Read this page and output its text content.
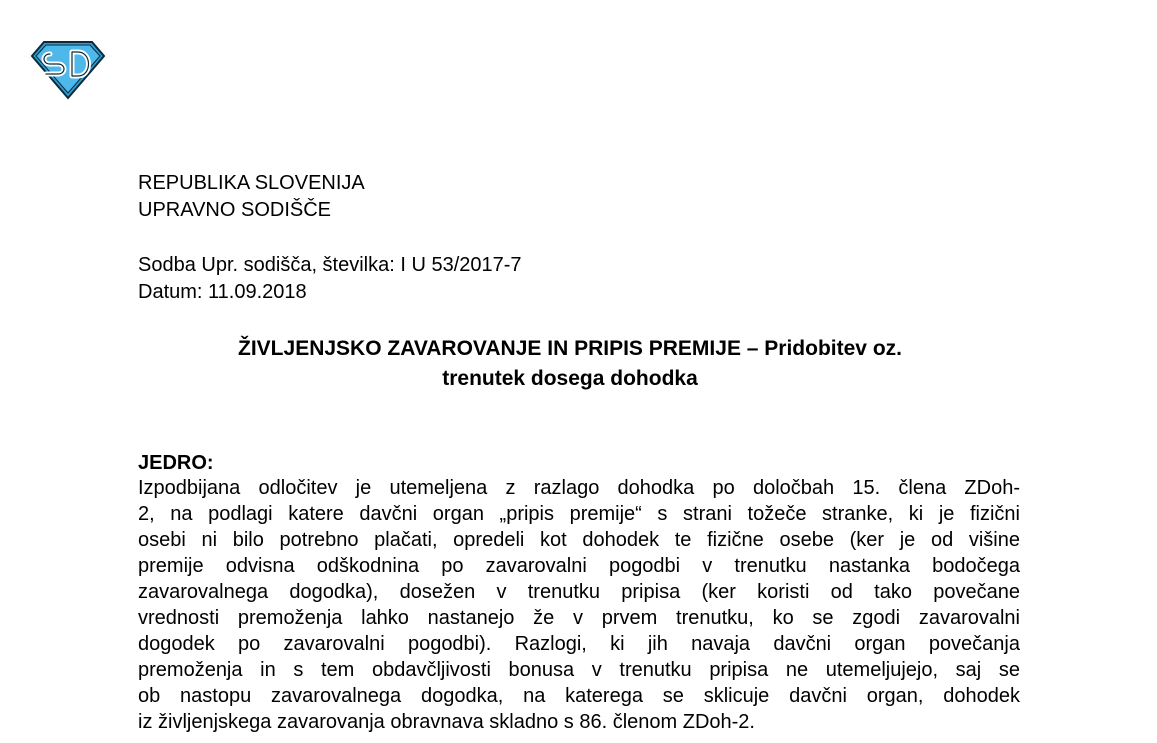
REPUBLIKA SLOVENIJA
UPRAVNO SODIŠČE
Sodba Upr. sodišča, številka: I U 53/2017-7
Datum: 11.09.2018
ŽIVLJENJSKO ZAVAROVANJE IN PRIPIS PREMIJE – Pridobitev oz.
trenutek dosega dohodka
JEDRO:
Izpodbijana odločitev je utemeljena z razlago dohodka po določbah 15. člena ZDoh-
2, na podlagi katere davčni organ „pripis premije“ s strani tožeče stranke, ki je fizični
osebi ni bilo potrebno plačati, opredeli kot dohodek te fizične osebe (ker je od višine
premije odvisna odškodnina po zavarovalni pogodbi v trenutku nastanka bodočega
zavarovalnega dogodka), dosežen v trenutku pripisa (ker koristi od tako povečane
vrednosti premoženja lahko nastanejo že v prvem trenutku, ko se zgodi zavarovalni
dogodek po zavarovalni pogodbi). Razlogi, ki jih navaja davčni organ povečanja
premoženja in s tem obdavčljivosti bonusa v trenutku pripisa ne utemeljujejo, saj se
ob nastopu zavarovalnega dogodka, na katerega se sklicuje davčni organ, dohodek
iz življenjskega zavarovanja obravnava skladno s 86. členom ZDoh-2.
